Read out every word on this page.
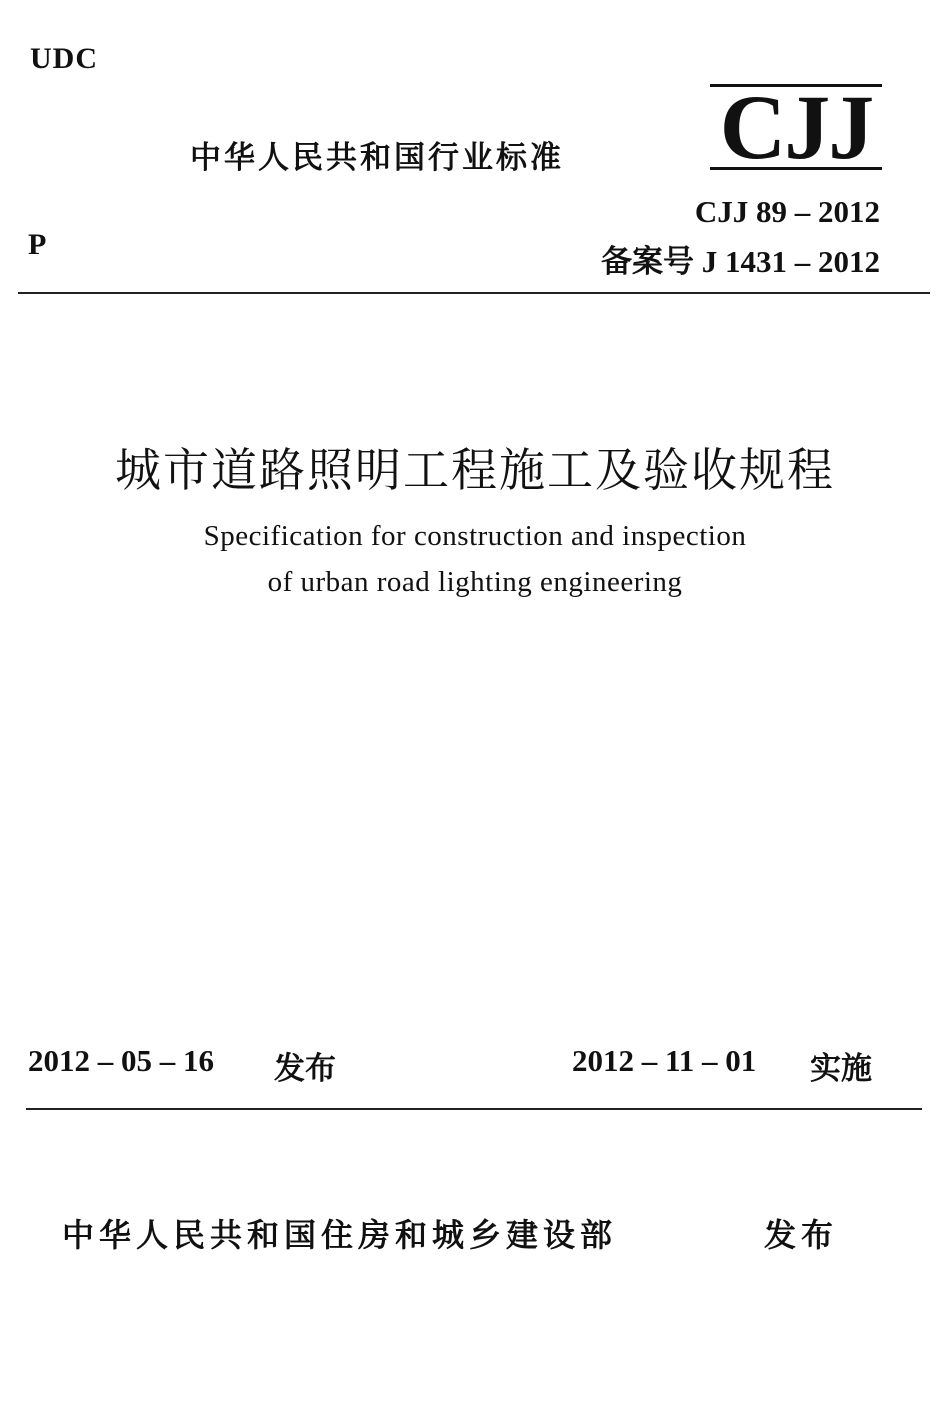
UDC
中华人民共和国行业标准 CJJ
P
CJJ 89 – 2012
备案号 J 1431 – 2012
城市道路照明工程施工及验收规程
Specification for construction and inspection
of urban road lighting engineering
2012 – 05 – 16 发布	2012 – 11 – 01 实施
中华人民共和国住房和城乡建设部	发布
